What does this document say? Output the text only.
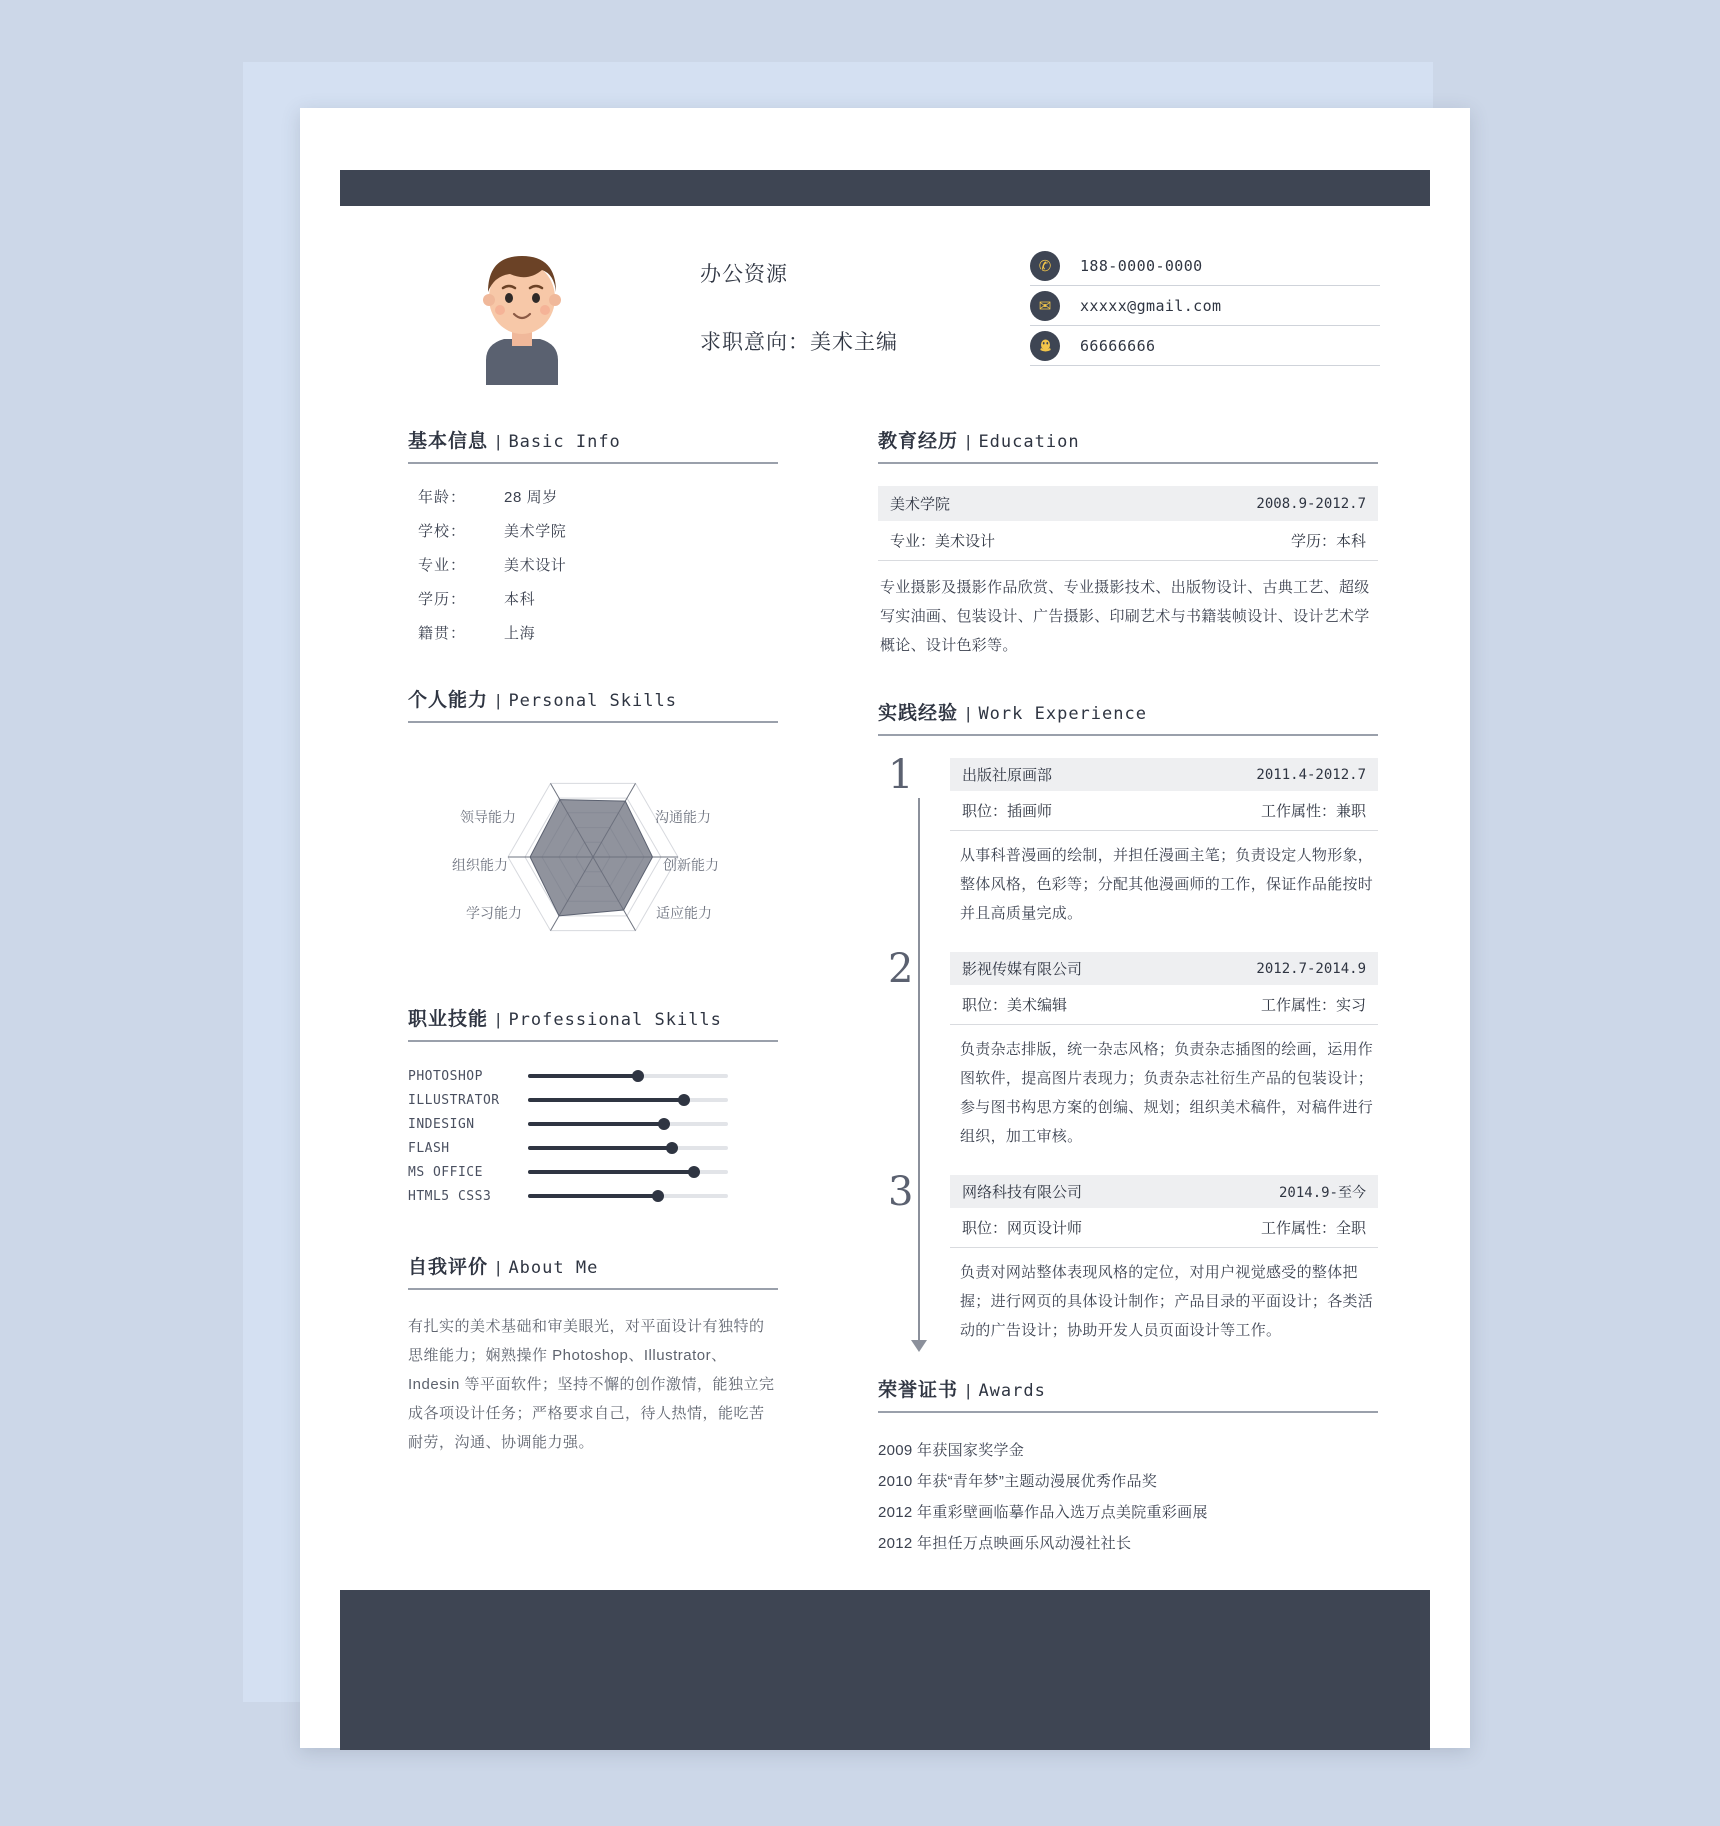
办公资源
求职意向：美术主编
✆	188-0000-0000
✉	xxxxx@gmail.com
66666666
基本信息 | Basic Info
年龄：	28 周岁
学校：	美术学院
专业：	美术设计
学历：	本科
籍贯：	上海
个人能力 | Personal Skills
沟通能力
创新能力
适应能力
学习能力
组织能力
领导能力
职业技能 | Professional Skills
PHOTOSHOP
ILLUSTRATOR
INDESIGN
FLASH
MS OFFICE
HTML5 CSS3
自我评价 | About Me
有扎实的美术基础和审美眼光，对平面设计有独特的思维能力；娴熟操作 Photoshop、Illustrator、Indesin 等平面软件；坚持不懈的创作激情，能独立完成各项设计任务；严格要求自己，待人热情，能吃苦耐劳，沟通、协调能力强。
教育经历 | Education
美术学院	2008.9-2012.7
专业：美术设计	学历：本科
专业摄影及摄影作品欣赏、专业摄影技术、出版物设计、古典工艺、超级写实油画、包装设计、广告摄影、印刷艺术与书籍装帧设计、设计艺术学概论、设计色彩等。
实践经验 | Work Experience
1	出版社原画部	2011.4-2012.7
职位：插画师	工作属性：兼职
从事科普漫画的绘制，并担任漫画主笔；负责设定人物形象，整体风格，色彩等；分配其他漫画师的工作，保证作品能按时并且高质量完成。
2	影视传媒有限公司	2012.7-2014.9
职位：美术编辑	工作属性：实习
负责杂志排版，统一杂志风格；负责杂志插图的绘画，运用作图软件，提高图片表现力；负责杂志社衍生产品的包装设计；参与图书构思方案的创编、规划；组织美术稿件，对稿件进行组织，加工审核。
3	网络科技有限公司	2014.9-至今
职位：网页设计师	工作属性：全职
负责对网站整体表现风格的定位，对用户视觉感受的整体把握；进行网页的具体设计制作；产品目录的平面设计；各类活动的广告设计；协助开发人员页面设计等工作。
荣誉证书 | Awards
2009 年获国家奖学金
2010 年获“青年梦”主题动漫展优秀作品奖
2012 年重彩壁画临摹作品入选万点美院重彩画展
2012 年担任万点映画乐风动漫社社长
